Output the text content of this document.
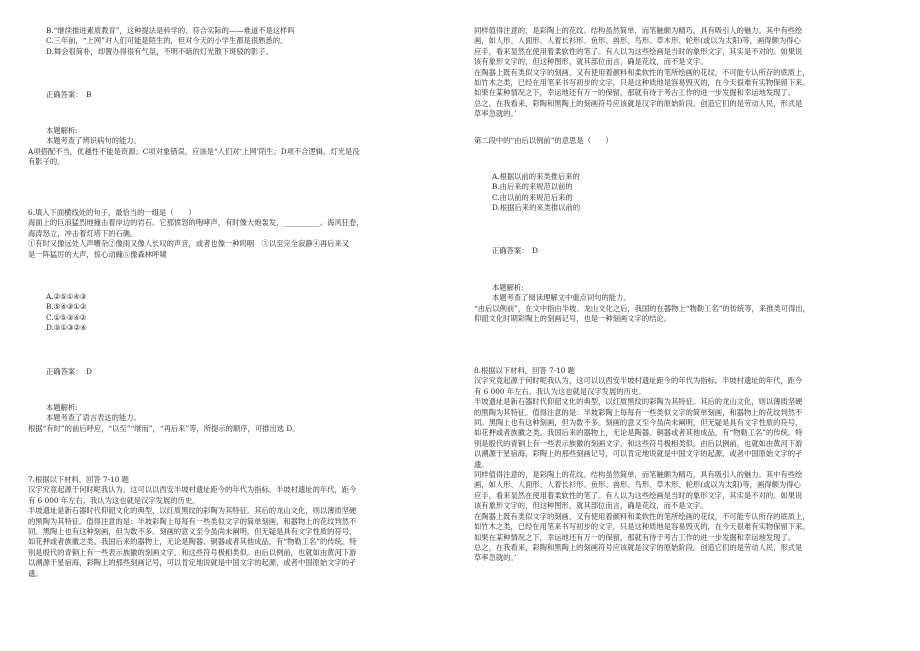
B.“继续推进素质教育”，这种提法是科学的、符合实际的——难道不是这样吗

C.三年前，“上网”对人们可能是陌生的，但对今天的小学生都是很熟悉的。

D.舞会很简朴，却置办得很有气氛，不明不暗的灯光散下斑驳的影子。

正确答案：　B

本题解析:

本题考查了辨识病句的能力。

A项搭配不当，优越性不能是资源；C项对象错误，应该是“人们对‘上网’陌生；D项不合逻辑，灯光是没

有影子的。

6.填入下面横线处的句子，最恰当的一组是（　　）

海面上的巨浪猛烈地撞击着岸边的岩石。它那愤怒的咆哮声，有时像大炮轰发，__________。海风狂卷，

海涛怒立，冲击着灯塔下的石礁。

①有时又像远处人声嘈杂②像雨又像人长叹的声音，或者也像一种呜咽　③以至完全寂静④再后来又

是一阵猛厉的大声，惊心动魄⑤像森林呼啸

A.②⑤①④③

B.⑤④③①②

C.①⑤③④②

D.⑤①③②④

正确答案：　D

本题解析:

本题考查了语言表达的能力。

根据“有时”的前后呼应，“以至”“继而”，“再后来”等，所提示的顺序，可推出选 D。

7.根据以下材料，回答 7-10 题

汉字究竟起源于何时呢我认为，这可以以西安半坡村遗址距今的年代为指标。半坡村遗址的年代，距今

有 6 000 年左右。我认为这也就是汉字发展的历史。

半坡遗址是新石器时代仰韶文化的典型，以红质黑纹的彩陶为其特征。其后的龙山文化，则以薄质坚硬

的黑陶为其特征。值得注意的是：半坡彩陶上每每有一些类似文字的简单刻画，和器物上的花纹判然不

同。黑陶上也有这种刻画，但为数不多。刻画的意义至今虽尚未阐明，但无疑是具有文字性质的符号，

如花押或者族徽之类。我国后来的器物上，无论是陶器、铜器或者其他成品，有“物勒工名”的传统。特

别是殷代的青铜上有一些表示族徽的刻画文字，和这些符号极相类似。由后以例前，也就如由黄河下游

以溯源于星宿海，彩陶上的那些刻画记号，可以肯定地说就是中国文字的起源，或者中国原始文字的孑

遗。

同样值得注意的，是彩陶上的花纹。结构虽然简单，而笔触颇为精巧，具有吸引人的魅力。其中有些绘

画，如人形、人面形、人着长衫形、鱼形、兽形、鸟形、草木形、轮形(或以为太阳)等，画得颇为得心

应手，看来显然在使用着柔软性的笔了。有人以为这些绘画是当时的象形文字，其实是不对的。如果说

该有象形文字的，但这种图形，就其部位而言，确是花纹，而不是文字。

在陶器上既有类似文字的刻画，又有使用着颜料和柔软性的笔所绘画的花纹，不可能专认所存的底质上，

如竹木之类，已经在用笔来书写初步的文字，只是这种质地是容易毁灭的，在今天很难有实物保留下来。

如果在某种情况之下，幸运地还有万一的保留，那就有待于考古工作的进一步发掘和幸运地发现了。

总之，在我看来，彩陶和黑陶上的刻画符号应该就是汉字的原始阶段。创造它们的是劳动人民，形式是

草率急就的。’

第二段中的“由后以例前”的意思是（　　）

A.根据以前的来类推后来的

B.由后来的来规范以前的

C.由以前的来规范后来的

D.根据后来的来类推以前的

正确答案：　D

本题解析:

本题考查了阅读理解文中重点词句的能力。

“由后以例前”，在文中指由半坡、龙山文化之后，我国的在器物上“物勒工名”的传统等，来推类可得出，

仰韶文化时期彩陶上的刻画记号，也是一种刻画文字的结论。

8.根据以下材料，回答 7-10 题

汉字究竟起源于何时呢我认为，这可以以西安半坡村遗址距今的年代为指标。半坡村遗址的年代，距今

有 6 000 年左右。我认为这也就是汉字发展的历史。

半坡遗址是新石器时代仰韶文化的典型，以红质黑纹的彩陶为其特征。其后的龙山文化，则以薄质坚硬

的黑陶为其特征。值得注意的是：半坡彩陶上每每有一些类似文字的简单刻画，和器物上的花纹判然不

同。黑陶上也有这种刻画，但为数不多。刻画的意义至今虽尚未阐明，但无疑是具有文字性质的符号，

如花押或者族徽之类。我国后来的器物上，无论是陶器、铜器或者其他成品，有“物勒工名”的传统。特

别是殷代的青铜上有一些表示族徽的刻画文字，和这些符号极相类似。由后以例前，也就如由黄河下游

以溯源于星宿海，彩陶上的那些刻画记号，可以肯定地说就是中国文字的起源，或者中国原始文字的孑

遗。

同样值得注意的，是彩陶上的花纹。结构虽然简单，而笔触颇为精巧，具有吸引人的魅力。其中有些绘

画，如人形、人面形、人着长衫形、鱼形、兽形、鸟形、草木形、轮形(或以为太阳)等，画得颇为得心

应手，看来显然在使用着柔软性的笔了。有人以为这些绘画是当时的象形文字，其实是不对的。如果说

该有象形文字的，但这种图形，就其部位而言，确是花纹，而不是文字。

在陶器上既有类似文字的刻画，又有使用着颜料和柔软性的笔所绘画的花纹，不可能专认所存的底质上，

如竹木之类，已经在用笔来书写初步的文字，只是这种质地是容易毁灭的，在今天很难有实物保留下来。

如果在某种情况之下，幸运地还有万一的保留，那就有待于考古工作的进一步发掘和幸运地发现了。

总之，在我看来，彩陶和黑陶上的刻画符号应该就是汉字的原始阶段。创造它们的是劳动人民，形式是

草率急就的。’
